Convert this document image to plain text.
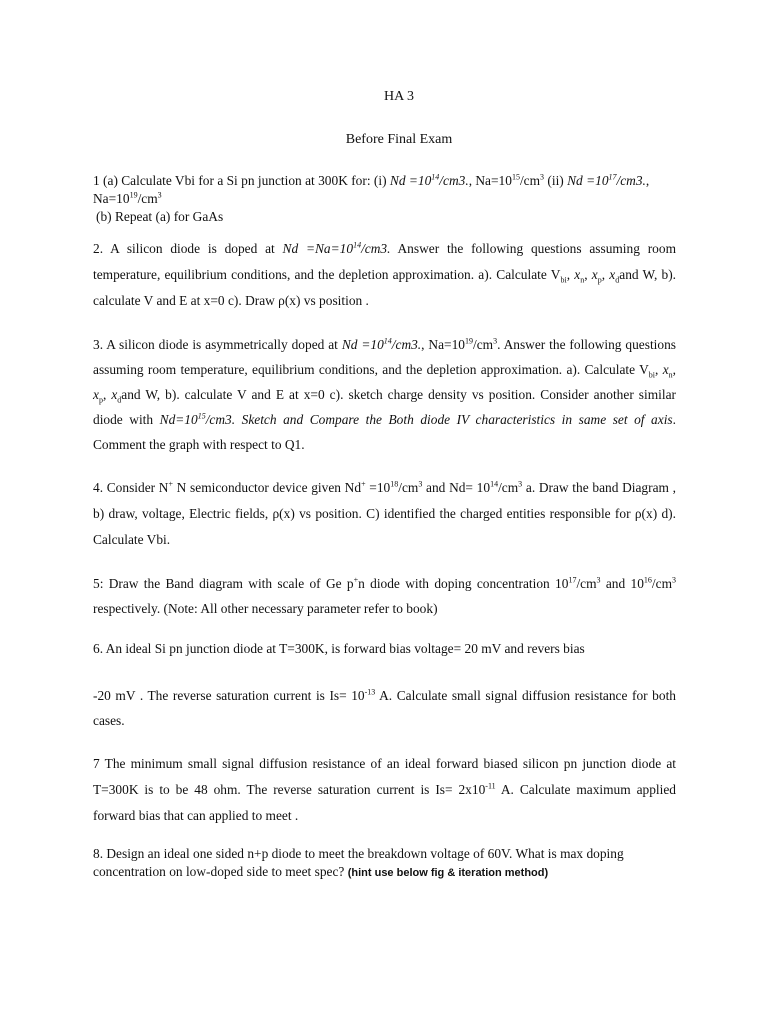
HA 3
Before Final Exam
1 (a) Calculate Vbi for a Si pn junction at 300K for: (i) $Nd =10^{14}/cm3$., $Na=10^{15}/cm^3$ (ii) $Nd =10^{17}/cm3$., $Na=10^{19}/cm^3$
(b) Repeat (a) for GaAs
2. A silicon diode is doped at $Nd =Na=10^{14}/cm3$. Answer the following questions assuming room temperature, equilibrium conditions, and the depletion approximation. a). Calculate $V_{bi}$, $x_n$, $x_p$, $x_dand$ W, b). calculate V and E at x=0 c). Draw ρ(x) vs position .
3. A silicon diode is asymmetrically doped at $Nd =10^{14}/cm3$., $Na=10^{19}/cm^3$. Answer the following questions assuming room temperature, equilibrium conditions, and the depletion approximation. a). Calculate $V_{bi}$, $x_n$, $x_p$, $x_dand$ W, b). calculate V and E at x=0 c). sketch charge density vs position. Consider another similar diode with $Nd=10^{15}/cm3$. Sketch and Compare the Both diode IV characteristics in same set of axis. Comment the graph with respect to Q1.
4. Consider N+ N semiconductor device given $Nd^+ =10^{18}/cm^3$ and $Nd= 10^{14}/cm^3$ a. Draw the band Diagram , b) draw, voltage, Electric fields, ρ(x) vs position. C) identified the charged entities responsible for ρ(x) d). Calculate Vbi.
5: Draw the Band diagram with scale of Ge p+n diode with doping concentration $10^{17}/cm^3$ and $10^{16}/cm^3$ respectively. (Note: All other necessary parameter refer to book)
6. An ideal Si pn junction diode at T=300K, is forward bias voltage= 20 mV and revers bias
-20 mV . The reverse saturation current is $Is= 10^{-13}$ A. Calculate small signal diffusion resistance for both cases.
7 The minimum small signal diffusion resistance of an ideal forward biased silicon pn junction diode at T=300K is to be 48 ohm. The reverse saturation current is $Is= 2x10^{-11}$ A. Calculate maximum applied forward bias that can applied to meet .
8. Design an ideal one sided n+p diode to meet the breakdown voltage of 60V. What is max doping concentration on low-doped side to meet spec? (hint use below fig & iteration method)
